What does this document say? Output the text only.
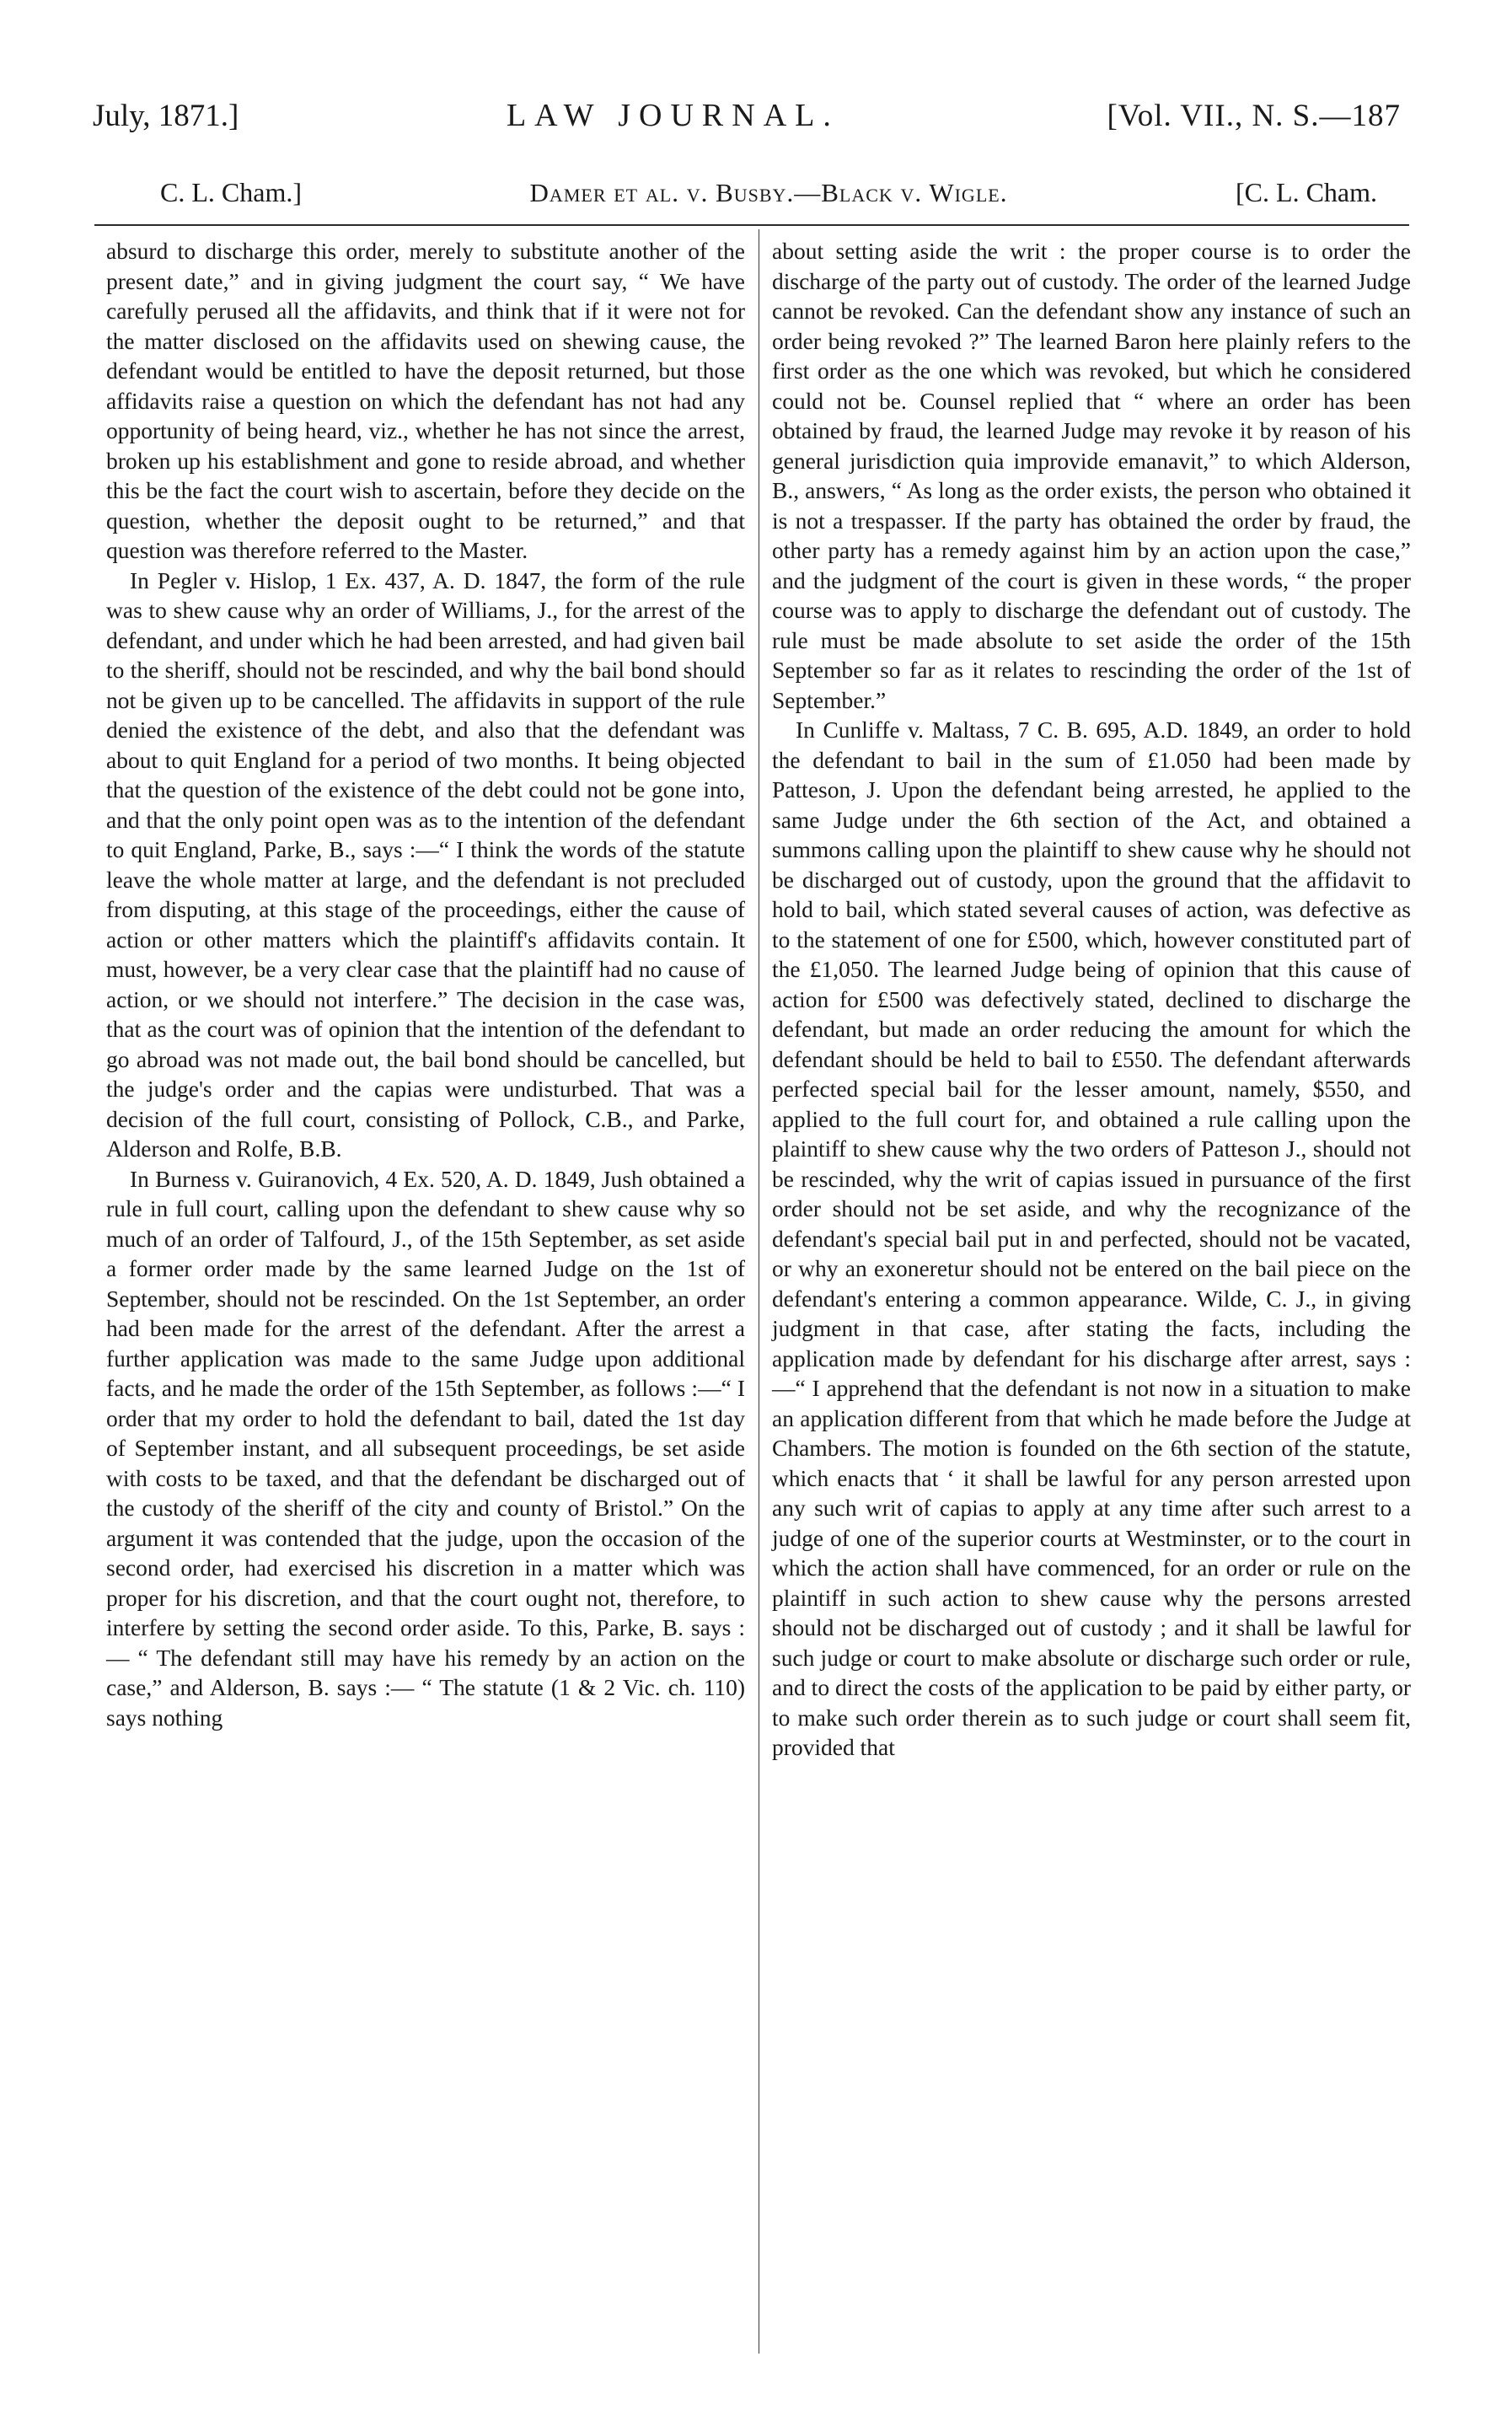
July, 1871.]	LAW JOURNAL.	[Vol. VII., N. S.—187
C. L. Cham.]	Damer et al. v. Busby.—Black v. Wigle.	[C. L. Cham.

absurd to discharge this order, merely to substitute another of the present date,” and in giving judgment the court say, “ We have carefully perused all the affidavits, and think that if it were not for the matter disclosed on the affidavits used on shewing cause, the defendant would be entitled to have the deposit returned, but those affidavits raise a question on which the defendant has not had any opportunity of being heard, viz., whether he has not since the arrest, broken up his establishment and gone to reside abroad, and whether this be the fact the court wish to ascertain, before they decide on the question, whether the deposit ought to be returned,” and that question was therefore referred to the Master.

In Pegler v. Hislop, 1 Ex. 437, A. D. 1847, the form of the rule was to shew cause why an order of Williams, J., for the arrest of the defendant, and under which he had been arrested, and had given bail to the sheriff, should not be rescinded, and why the bail bond should not be given up to be cancelled. The affidavits in support of the rule denied the existence of the debt, and also that the defendant was about to quit England for a period of two months. It being objected that the question of the existence of the debt could not be gone into, and that the only point open was as to the intention of the defendant to quit England, Parke, B., says :—“ I think the words of the statute leave the whole matter at large, and the defendant is not precluded from disputing, at this stage of the proceedings, either the cause of action or other matters which the plaintiff's affidavits contain. It must, however, be a very clear case that the plaintiff had no cause of action, or we should not interfere.” The decision in the case was, that as the court was of opinion that the intention of the defendant to go abroad was not made out, the bail bond should be cancelled, but the judge's order and the capias were undisturbed. That was a decision of the full court, consisting of Pollock, C.B., and Parke, Alderson and Rolfe, B.B.

In Burness v. Guiranovich, 4 Ex. 520, A. D. 1849, Jush obtained a rule in full court, calling upon the defendant to shew cause why so much of an order of Talfourd, J., of the 15th September, as set aside a former order made by the same learned Judge on the 1st of September, should not be rescinded. On the 1st September, an order had been made for the arrest of the defendant. After the arrest a further application was made to the same Judge upon additional facts, and he made the order of the 15th September, as follows :—“ I order that my order to hold the defendant to bail, dated the 1st day of September instant, and all subsequent proceedings, be set aside with costs to be taxed, and that the defendant be discharged out of the custody of the sheriff of the city and county of Bristol.” On the argument it was contended that the judge, upon the occasion of the second order, had exercised his discretion in a matter which was proper for his discretion, and that the court ought not, therefore, to interfere by setting the second order aside. To this, Parke, B. says :— “ The defendant still may have his remedy by an action on the case,” and Alderson, B. says :— “ The statute (1 & 2 Vic. ch. 110) says nothing

about setting aside the writ : the proper course is to order the discharge of the party out of custody. The order of the learned Judge cannot be revoked. Can the defendant show any instance of such an order being revoked ?” The learned Baron here plainly refers to the first order as the one which was revoked, but which he considered could not be. Counsel replied that “ where an order has been obtained by fraud, the learned Judge may revoke it by reason of his general jurisdiction quia improvide emanavit,” to which Alderson, B., answers, “ As long as the order exists, the person who obtained it is not a trespasser. If the party has obtained the order by fraud, the other party has a remedy against him by an action upon the case,” and the judgment of the court is given in these words, “ the proper course was to apply to discharge the defendant out of custody. The rule must be made absolute to set aside the order of the 15th September so far as it relates to rescinding the order of the 1st of September.”

In Cunliffe v. Maltass, 7 C. B. 695, A.D. 1849, an order to hold the defendant to bail in the sum of £1.050 had been made by Patteson, J. Upon the defendant being arrested, he applied to the same Judge under the 6th section of the Act, and obtained a summons calling upon the plaintiff to shew cause why he should not be discharged out of custody, upon the ground that the affidavit to hold to bail, which stated several causes of action, was defective as to the statement of one for £500, which, however constituted part of the £1,050. The learned Judge being of opinion that this cause of action for £500 was defectively stated, declined to discharge the defendant, but made an order reducing the amount for which the defendant should be held to bail to £550. The defendant afterwards perfected special bail for the lesser amount, namely, $550, and applied to the full court for, and obtained a rule calling upon the plaintiff to shew cause why the two orders of Patteson J., should not be rescinded, why the writ of capias issued in pursuance of the first order should not be set aside, and why the recognizance of the defendant's special bail put in and perfected, should not be vacated, or why an exoneretur should not be entered on the bail piece on the defendant's entering a common appearance. Wilde, C. J., in giving judgment in that case, after stating the facts, including the application made by defendant for his discharge after arrest, says :—“ I apprehend that the defendant is not now in a situation to make an application different from that which he made before the Judge at Chambers. The motion is founded on the 6th section of the statute, which enacts that ‘ it shall be lawful for any person arrested upon any such writ of capias to apply at any time after such arrest to a judge of one of the superior courts at Westminster, or to the court in which the action shall have commenced, for an order or rule on the plaintiff in such action to shew cause why the persons arrested should not be discharged out of custody ; and it shall be lawful for such judge or court to make absolute or discharge such order or rule, and to direct the costs of the application to be paid by either party, or to make such order therein as to such judge or court shall seem fit, provided that
